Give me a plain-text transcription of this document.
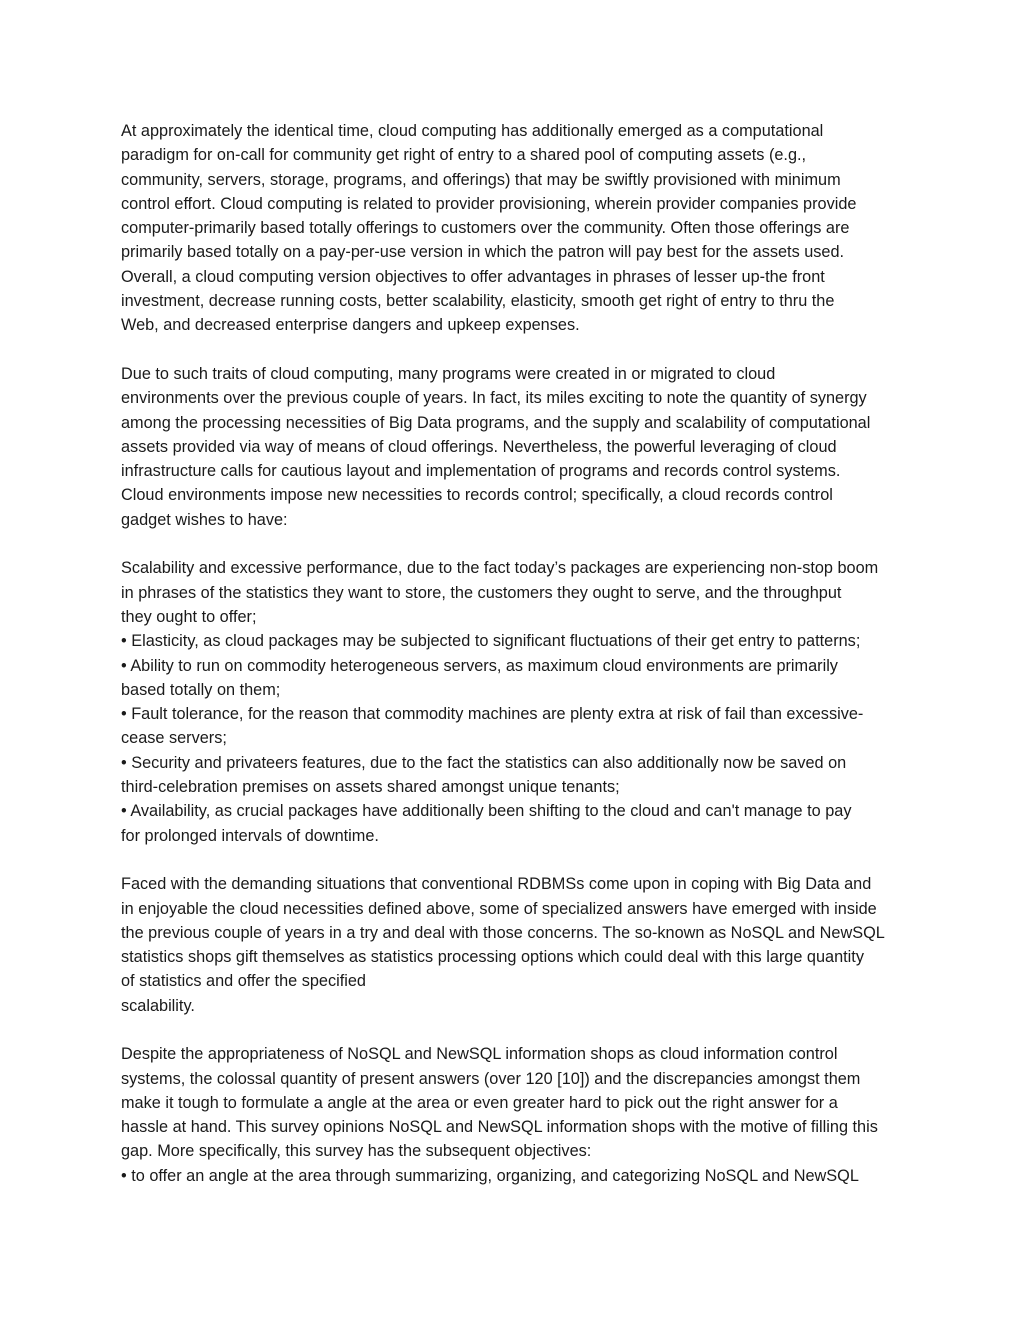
At approximately the identical time, cloud computing has additionally emerged as a computational
paradigm for on-call for community get right of entry to a shared pool of computing assets (e.g.,
community, servers, storage, programs, and offerings) that may be swiftly provisioned with minimum
control effort. Cloud computing is related to provider provisioning, wherein provider companies provide
computer-primarily based totally offerings to customers over the community. Often those offerings are
primarily based totally on a pay-per-use version in which the patron will pay best for the assets used.
Overall, a cloud computing version objectives to offer advantages in phrases of lesser up-the front
investment, decrease running costs, better scalability, elasticity, smooth get right of entry to thru the
Web, and decreased enterprise dangers and upkeep expenses.

Due to such traits of cloud computing, many programs were created in or migrated to cloud
environments over the previous couple of years. In fact, its miles exciting to note the quantity of synergy
among the processing necessities of Big Data programs, and the supply and scalability of computational
assets provided via way of means of cloud offerings. Nevertheless, the powerful leveraging of cloud
infrastructure calls for cautious layout and implementation of programs and records control systems.
Cloud environments impose new necessities to records control; specifically, a cloud records control
gadget wishes to have:

Scalability and excessive performance, due to the fact today’s packages are experiencing non-stop boom
in phrases of the statistics they want to store, the customers they ought to serve, and the throughput
they ought to offer;
• Elasticity, as cloud packages may be subjected to significant fluctuations of their get entry to patterns;
• Ability to run on commodity heterogeneous servers, as maximum cloud environments are primarily
based totally on them;
• Fault tolerance, for the reason that commodity machines are plenty extra at risk of fail than excessive-
cease servers;
• Security and privateers features, due to the fact the statistics can also additionally now be saved on
third-celebration premises on assets shared amongst unique tenants;
• Availability, as crucial packages have additionally been shifting to the cloud and can't manage to pay
for prolonged intervals of downtime.

Faced with the demanding situations that conventional RDBMSs come upon in coping with Big Data and
in enjoyable the cloud necessities defined above, some of specialized answers have emerged with inside
the previous couple of years in a try and deal with those concerns. The so-known as NoSQL and NewSQL
statistics shops gift themselves as statistics processing options which could deal with this large quantity
of statistics and offer the specified
scalability.

Despite the appropriateness of NoSQL and NewSQL information shops as cloud information control
systems, the colossal quantity of present answers (over 120 [10]) and the discrepancies amongst them
make it tough to formulate a angle at the area or even greater hard to pick out the right answer for a
hassle at hand. This survey opinions NoSQL and NewSQL information shops with the motive of filling this
gap. More specifically, this survey has the subsequent objectives:
• to offer an angle at the area through summarizing, organizing, and categorizing NoSQL and NewSQL
